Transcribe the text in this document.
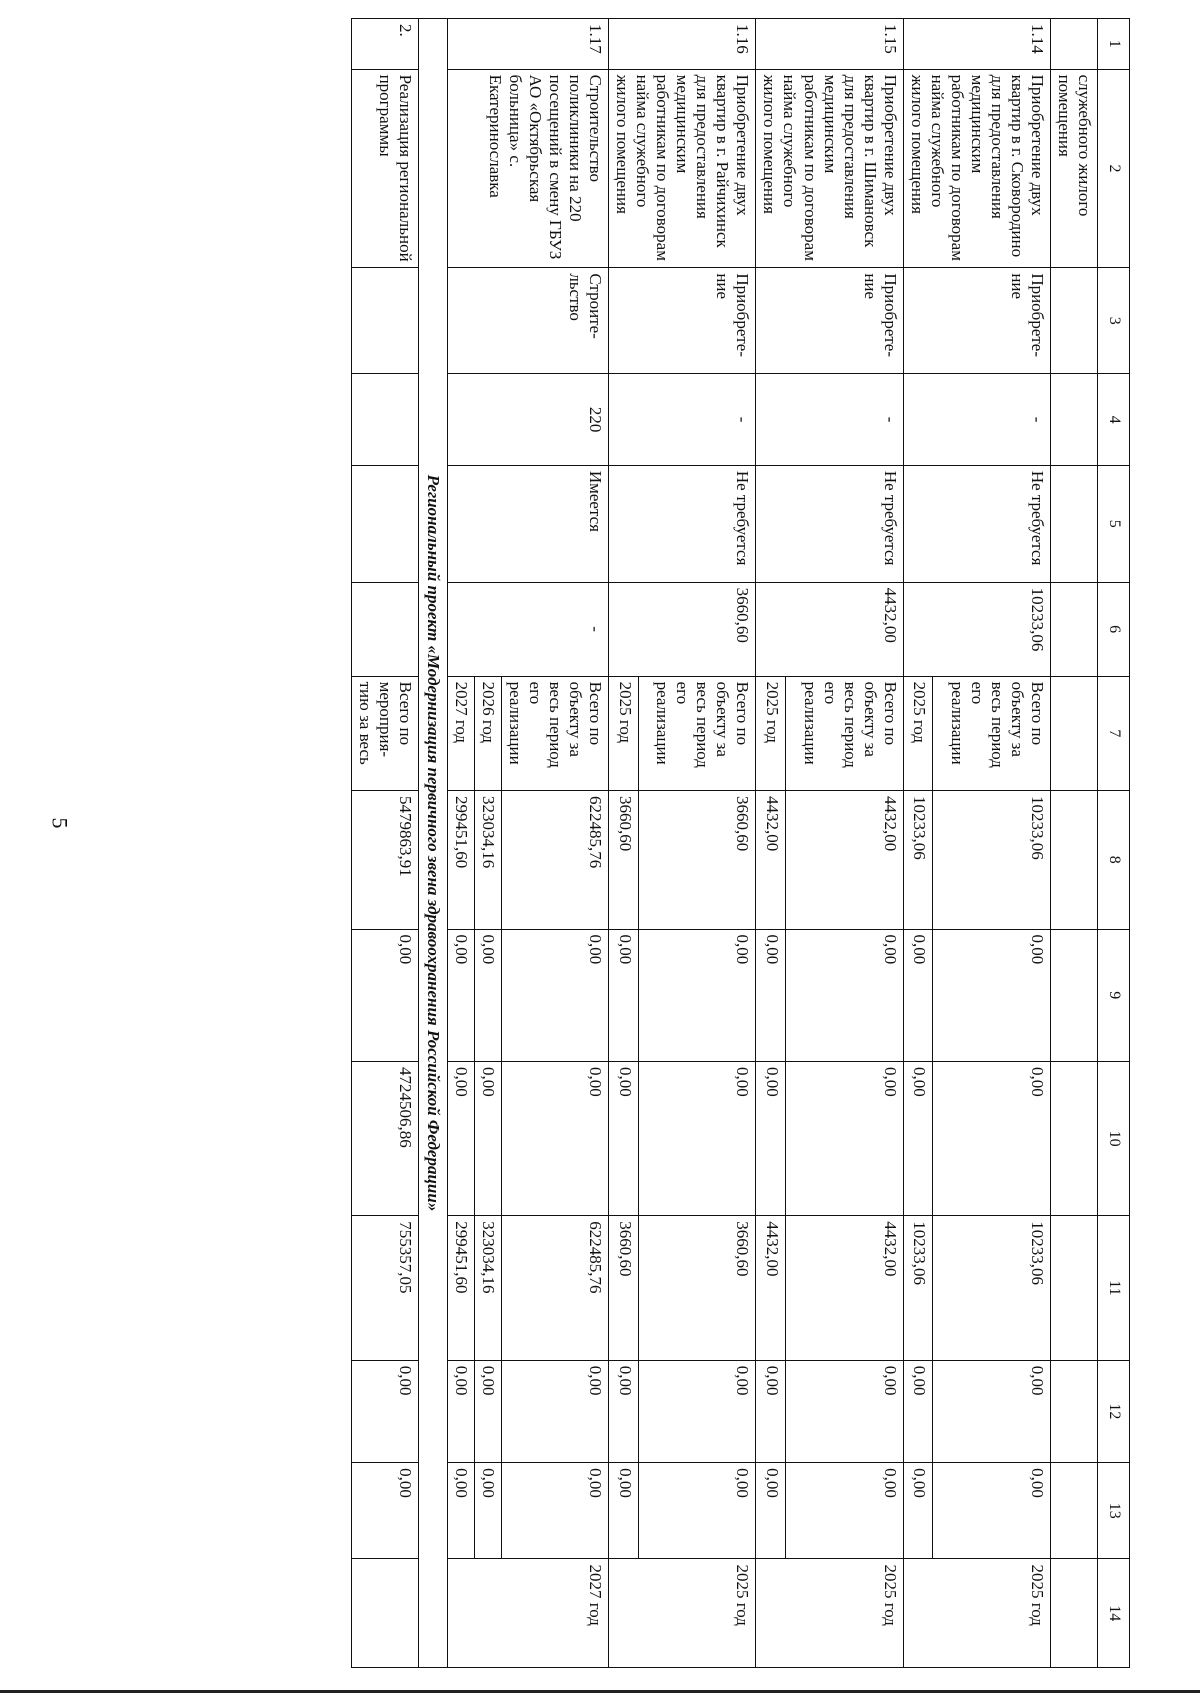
5
1	2	3	4	5	6	7	8	9	10	11	12	13	14
	служебного жилого помещения												
1.14	Приобретение двух квартир в г. Сковородино для предоставления медицинским работникам по договорам найма служебного жилого помещения	Приобрете-ние	-	Не требуется	10233,06	Всего по объекту за весь период его реализации	10233,06	0,00	0,00	10233,06	0,00	0,00	2025 год
						2025 год	10233,06	0,00	0,00	10233,06	0,00	0,00	
1.15	Приобретение двух квартир в г. Шимановск для предоставления медицинским работникам по договорам найма служебного жилого помещения	Приобрете-ние	-	Не требуется	4432,00	Всего по объекту за весь период его реализации	4432,00	0,00	0,00	4432,00	0,00	0,00	2025 год
						2025 год	4432,00	0,00	0,00	4432,00	0,00	0,00	
1.16	Приобретение двух квартир в г. Райчихинск для предоставления медицинским работникам по договорам найма служебного жилого помещения	Приобрете-ние	-	Не требуется	3660,60	Всего по объекту за весь период его реализации	3660,60	0,00	0,00	3660,60	0,00	0,00	2025 год
						2025 год	3660,60	0,00	0,00	3660,60	0,00	0,00	
1.17	Строительство поликлиники на 220 посещений в смену ГБУЗ АО «Октябрьская больница» с. Екатеринославка	Строите-льство	220	Имеется	-	Всего по объекту за весь период его реализации	622485,76	0,00	0,00	622485,76	0,00	0,00	2027 год
						2026 год	323034,16	0,00	0,00	323034,16	0,00	0,00	
						2027 год	299451,60	0,00	0,00	299451,60	0,00	0,00	
Региональный проект «Модернизация первичного звена здравоохранения Российской Федерации»													
2.	Реализация региональной программы					Всего по мероприя-тию за весь	5479863,91	0,00	4724506,86	755357,05	0,00	0,00	
